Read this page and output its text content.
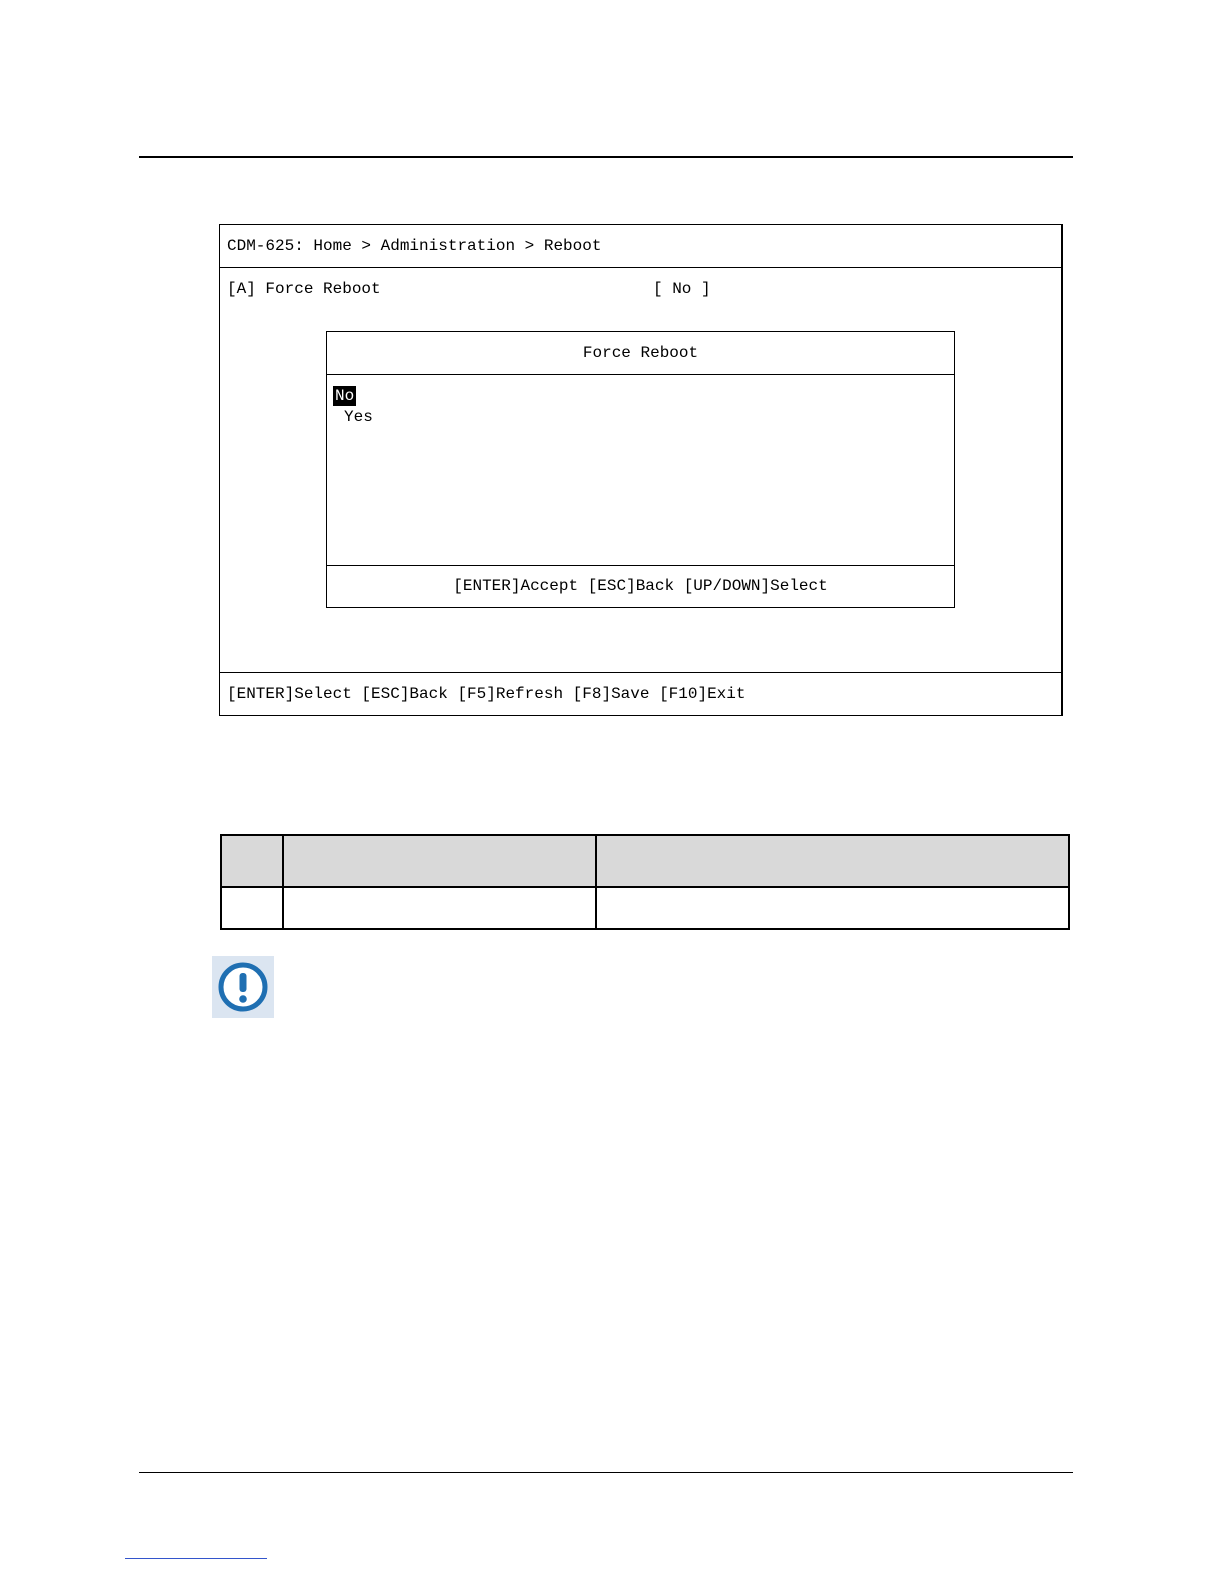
CDM-625: Home > Administration > Reboot
[A] Force Reboot	[ No ]
Force Reboot
No
Yes
[ENTER]Accept [ESC]Back [UP/DOWN]Select
[ENTER]Select [ESC]Back [F5]Refresh [F8]Save [F10]Exit
